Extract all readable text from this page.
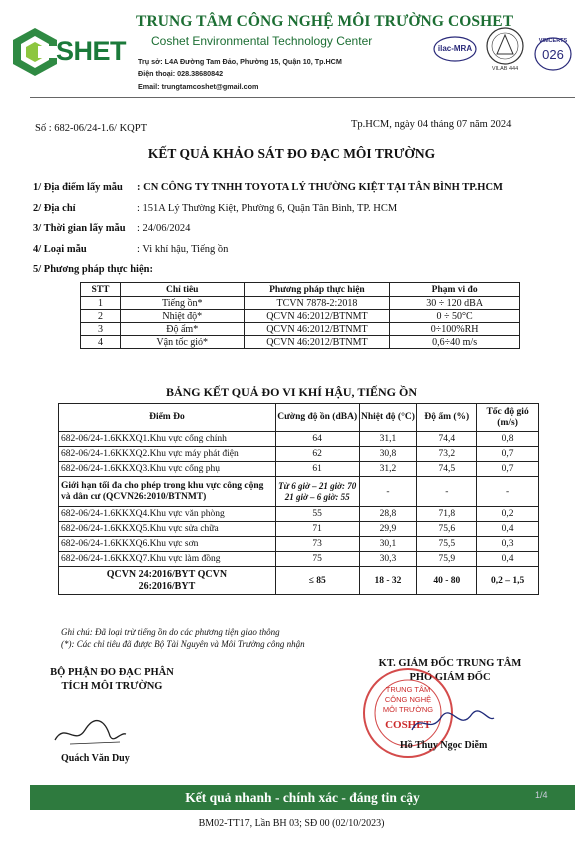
SHET
TRUNG TÂM CÔNG NGHỆ MÔI TRƯỜNG COSHET
Coshet Environmental Technology Center
Trụ sở: L4A Đường Tam Đảo, Phường 15, Quận 10, Tp.HCM
Điện thoại: 028.38680842
Email: trungtamcoshet@gmail.com
ilac-MRA
VILAB 444
VIMCERTS
026
Số : 682-06/24-1.6/ KQPT	Tp.HCM, ngày 04 tháng 07 năm 2024
KẾT QUẢ KHẢO SÁT ĐO ĐẠC MÔI TRƯỜNG
1/ Địa điểm lấy mẫu : CN CÔNG TY TNHH TOYOTA LÝ THƯỜNG KIỆT TẠI TÂN BÌNH TP.HCM
2/ Địa chỉ	: 151A Lý Thường Kiệt, Phường 6, Quận Tân Bình, TP. HCM
3/ Thời gian lấy mẫu : 24/06/2024
4/ Loại mẫu	: Vi khí hậu, Tiếng ồn
5/ Phương pháp thực hiện:
STT	Chỉ tiêu	Phương pháp thực hiện	Phạm vi đo
1	Tiếng ồn*	TCVN 7878-2:2018	30 ÷ 120 dBA
2	Nhiệt độ*	QCVN 46:2012/BTNMT	0 ÷ 50°C
3	Độ ẩm*	QCVN 46:2012/BTNMT	0÷100%RH
4	Vận tốc gió*	QCVN 46:2012/BTNMT	0,6÷40 m/s
BẢNG KẾT QUẢ ĐO VI KHÍ HẬU, TIẾNG ỒN
Điểm Đo	Cường độ ồn (dBA)	Nhiệt độ (°C)	Độ ẩm (%)	Tốc độ gió (m/s)
682-06/24-1.6KKXQ1.Khu vực cổng chính	64	31,1	74,4	0,8
682-06/24-1.6KKXQ2.Khu vực máy phát điện	62	30,8	73,2	0,7
682-06/24-1.6KKXQ3.Khu vực cổng phụ	61	31,2	74,5	0,7
Giới hạn tối đa cho phép trong khu vực công cộng và dân cư (QCVN26:2010/BTNMT)	Từ 6 giờ – 21 giờ: 70 21 giờ – 6 giờ: 55	-	-	-
682-06/24-1.6KKXQ4.Khu vực văn phòng	55	28,8	71,8	0,2
682-06/24-1.6KKXQ5.Khu vực sửa chữa	71	29,9	75,6	0,4
682-06/24-1.6KKXQ6.Khu vực sơn	73	30,1	75,5	0,3
682-06/24-1.6KKXQ7.Khu vực làm đồng	75	30,3	75,9	0,4
QCVN 24:2016/BYT QCVN 26:2016/BYT	≤ 85	18 - 32	40 - 80	0,2 – 1,5
Ghi chú: Đã loại trừ tiếng ồn do các phương tiện giao thông
(*): Các chỉ tiêu đã được Bộ Tài Nguyên và Môi Trường công nhận
BỘ PHẬN ĐO ĐẠC PHÂN TÍCH MÔI TRƯỜNG
Quách Văn Duy
KT. GIÁM ĐỐC TRUNG TÂM
PHÓ GIÁM ĐỐC
TRUNG TÂM
CÔNG NGHỆ
MÔI TRƯỜNG
COSHET
Hồ Thụy Ngọc Diễm
Kết quả nhanh - chính xác - đáng tin cậy	1/4
BM02-TT17, Lần BH 03; SĐ 00 (02/10/2023)
